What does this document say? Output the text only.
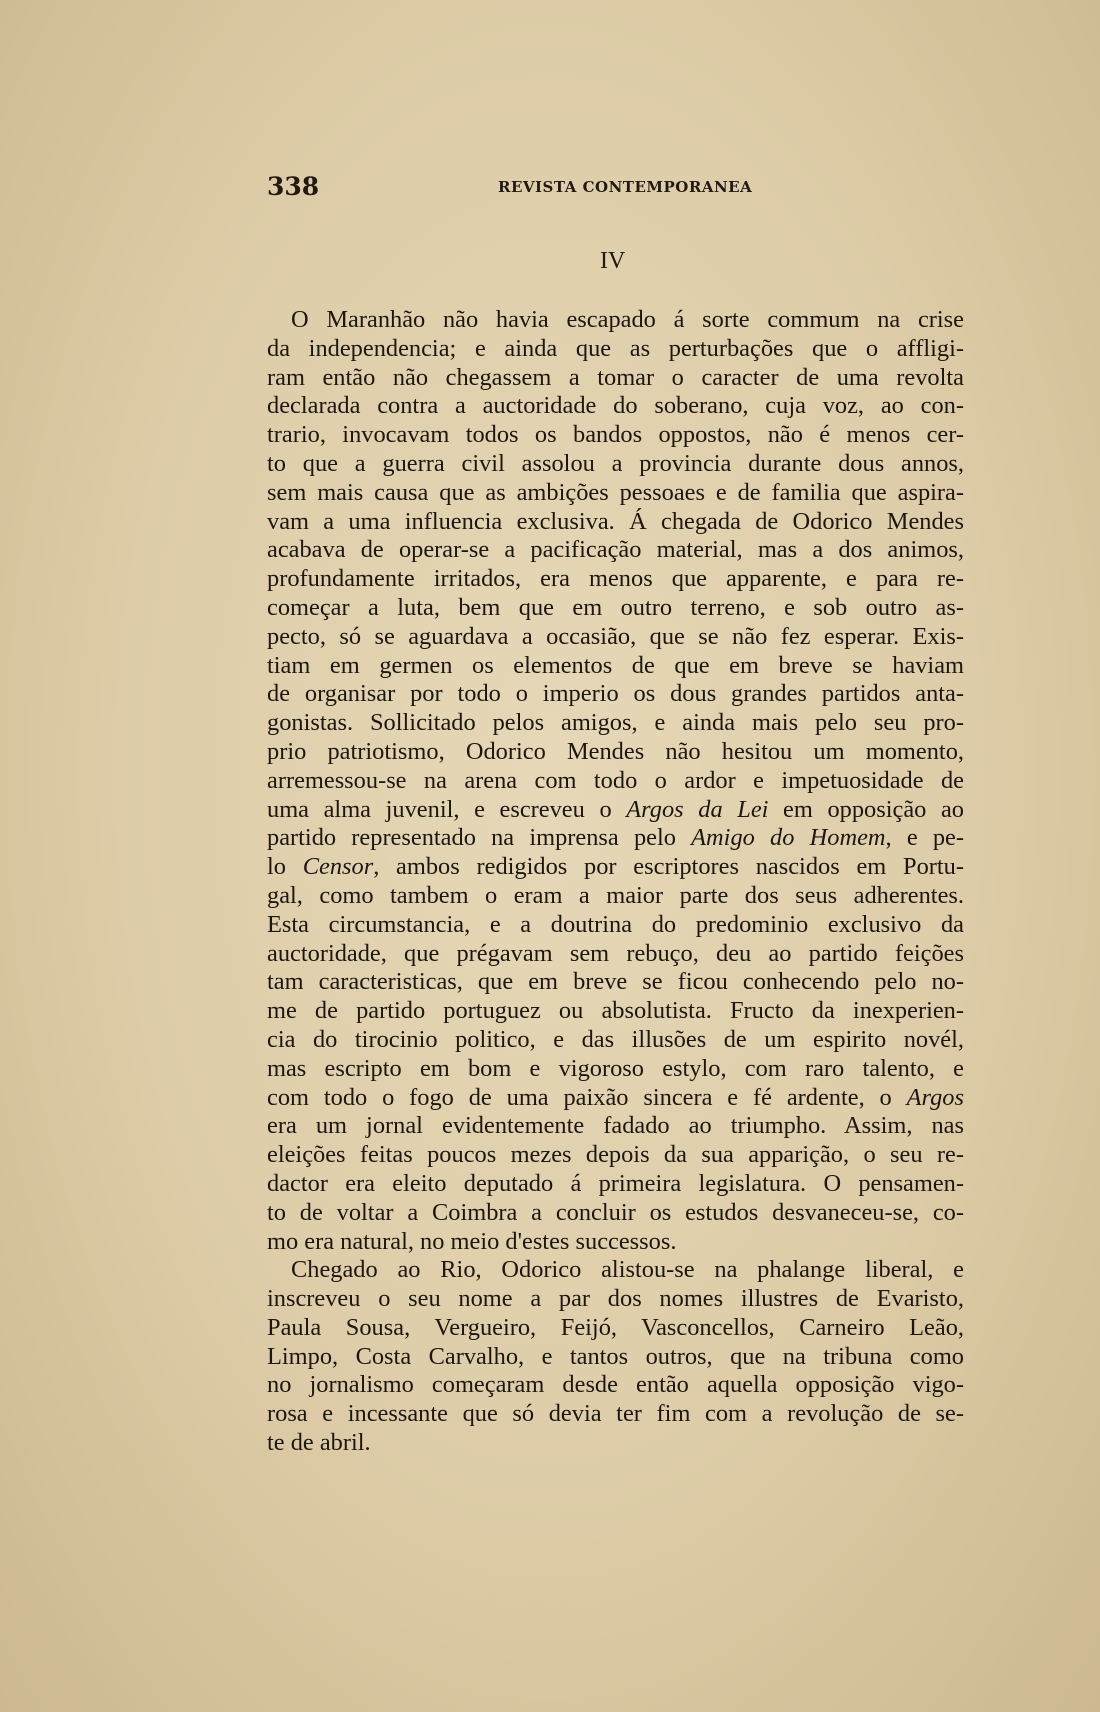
338	REVISTA CONTEMPORANEA
IV
O Maranhão não havia escapado á sorte commum na crise
da independencia; e ainda que as perturbações que o affligi-
ram então não chegassem a tomar o caracter de uma revolta
declarada contra a auctoridade do soberano, cuja voz, ao con-
trario, invocavam todos os bandos oppostos, não é menos cer-
to que a guerra civil assolou a provincia durante dous annos,
sem mais causa que as ambições pessoaes e de familia que aspira-
vam a uma influencia exclusiva. Á chegada de Odorico Mendes
acabava de operar-se a pacificação material, mas a dos animos,
profundamente irritados, era menos que apparente, e para re-
começar a luta, bem que em outro terreno, e sob outro as-
pecto, só se aguardava a occasião, que se não fez esperar. Exis-
tiam em germen os elementos de que em breve se haviam
de organisar por todo o imperio os dous grandes partidos anta-
gonistas. Sollicitado pelos amigos, e ainda mais pelo seu pro-
prio patriotismo, Odorico Mendes não hesitou um momento,
arremessou-se na arena com todo o ardor e impetuosidade de
uma alma juvenil, e escreveu o Argos da Lei em opposição ao
partido representado na imprensa pelo Amigo do Homem, e pe-
lo Censor, ambos redigidos por escriptores nascidos em Portu-
gal, como tambem o eram a maior parte dos seus adherentes.
Esta circumstancia, e a doutrina do predominio exclusivo da
auctoridade, que prégavam sem rebuço, deu ao partido feições
tam caracteristicas, que em breve se ficou conhecendo pelo no-
me de partido portuguez ou absolutista. Fructo da inexperien-
cia do tirocinio politico, e das illusões de um espirito novél,
mas escripto em bom e vigoroso estylo, com raro talento, e
com todo o fogo de uma paixão sincera e fé ardente, o Argos
era um jornal evidentemente fadado ao triumpho. Assim, nas
eleições feitas poucos mezes depois da sua apparição, o seu re-
dactor era eleito deputado á primeira legislatura. O pensamen-
to de voltar a Coimbra a concluir os estudos desvaneceu-se, co-
mo era natural, no meio d'estes successos.
Chegado ao Rio, Odorico alistou-se na phalange liberal, e
inscreveu o seu nome a par dos nomes illustres de Evaristo,
Paula Sousa, Vergueiro, Feijó, Vasconcellos, Carneiro Leão,
Limpo, Costa Carvalho, e tantos outros, que na tribuna como
no jornalismo começaram desde então aquella opposição vigo-
rosa e incessante que só devia ter fim com a revolução de se-
te de abril.
